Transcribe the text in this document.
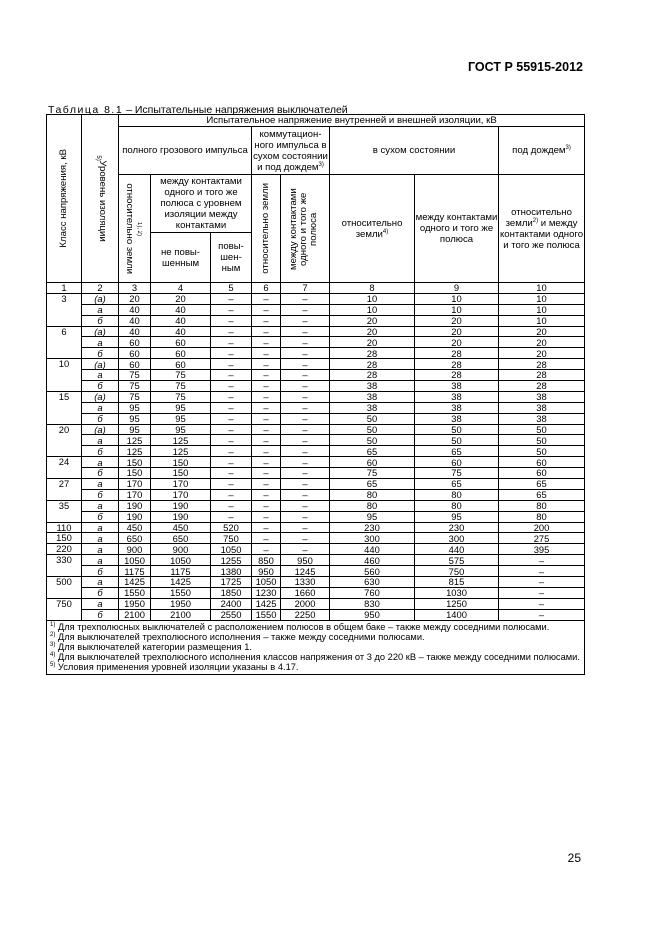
ГОСТ Р 55915-2012
Таблица 8.1 – Испытательные напряжения выключателей
Класс напряжения, кВ	Уровень изоляции5)	Испытательное напряжение внутренней и внешней изоляции, кВ							
		полного грозового импульса			коммутацион-ного импульса в сухом состоянии и под дождем$^{3)}$		в сухом состоянии		под дождем$^{3)}$

		относительно земли1), 2)	между контактами одного и того же полюса с уровнем изоляции между контактами		относительно земли	между контактами одного и того же полюса	относительно земли$^{4)}$	между контактами одного и того же полюса	относительно земли$^{2)}$ и между контактами одного и того же полюса
			не повы-шенным	повы-шен-ным					
1	2	3	4	5	6	7	8	9	10
3	(а)	20	20	–	–	–	10	10	10
	а	40	40	–	–	–	10	10	10
	б	40	40	–	–	–	20	20	10
6	(а)	40	40	–	–	–	20	20	20
	а	60	60	–	–	–	20	20	20
	б	60	60	–	–	–	28	28	20
10	(а)	60	60	–	–	–	28	28	28
	а	75	75	–	–	–	28	28	28
	б	75	75	–	–	–	38	38	28
15	(а)	75	75	–	–	–	38	38	38
	а	95	95	–	–	–	38	38	38
	б	95	95	–	–	–	50	38	38
20	(а)	95	95	–	–	–	50	50	50
	а	125	125	–	–	–	50	50	50
	б	125	125	–	–	–	65	65	50
24	а	150	150	–	–	–	60	60	60
	б	150	150	–	–	–	75	75	60
27	а	170	170	–	–	–	65	65	65
	б	170	170	–	–	–	80	80	65
35	а	190	190	–	–	–	80	80	80
	б	190	190	–	–	–	95	95	80
110	а	450	450	520	–	–	230	230	200
150	а	650	650	750	–	–	300	300	275
220	а	900	900	1050	–	–	440	440	395
330	а	1050	1050	1255	850	950	460	575	–
	б	1175	1175	1380	950	1245	560	750	–
500	а	1425	1425	1725	1050	1330	630	815	–
	б	1550	1550	1850	1230	1660	760	1030	–
750	а	1950	1950	2400	1425	2000	830	1250	–
	б	2100	2100	2550	1550	2250	950	1400	–

$^{1)}$ Для трехполюсных выключателей с расположением полюсов в общем баке – также между соседними полюсами.
$^{2)}$ Для выключателей трехполюсного исполнения – также между соседними полюсами.
$^{3)}$ Для выключателей категории размещения 1.
$^{4)}$ Для выключателей трехполюсного исполнения классов напряжения от 3 до 220 кВ – также между соседними полюсами.
$^{5)}$ Условия применения уровней изоляции указаны в 4.17.									
25
